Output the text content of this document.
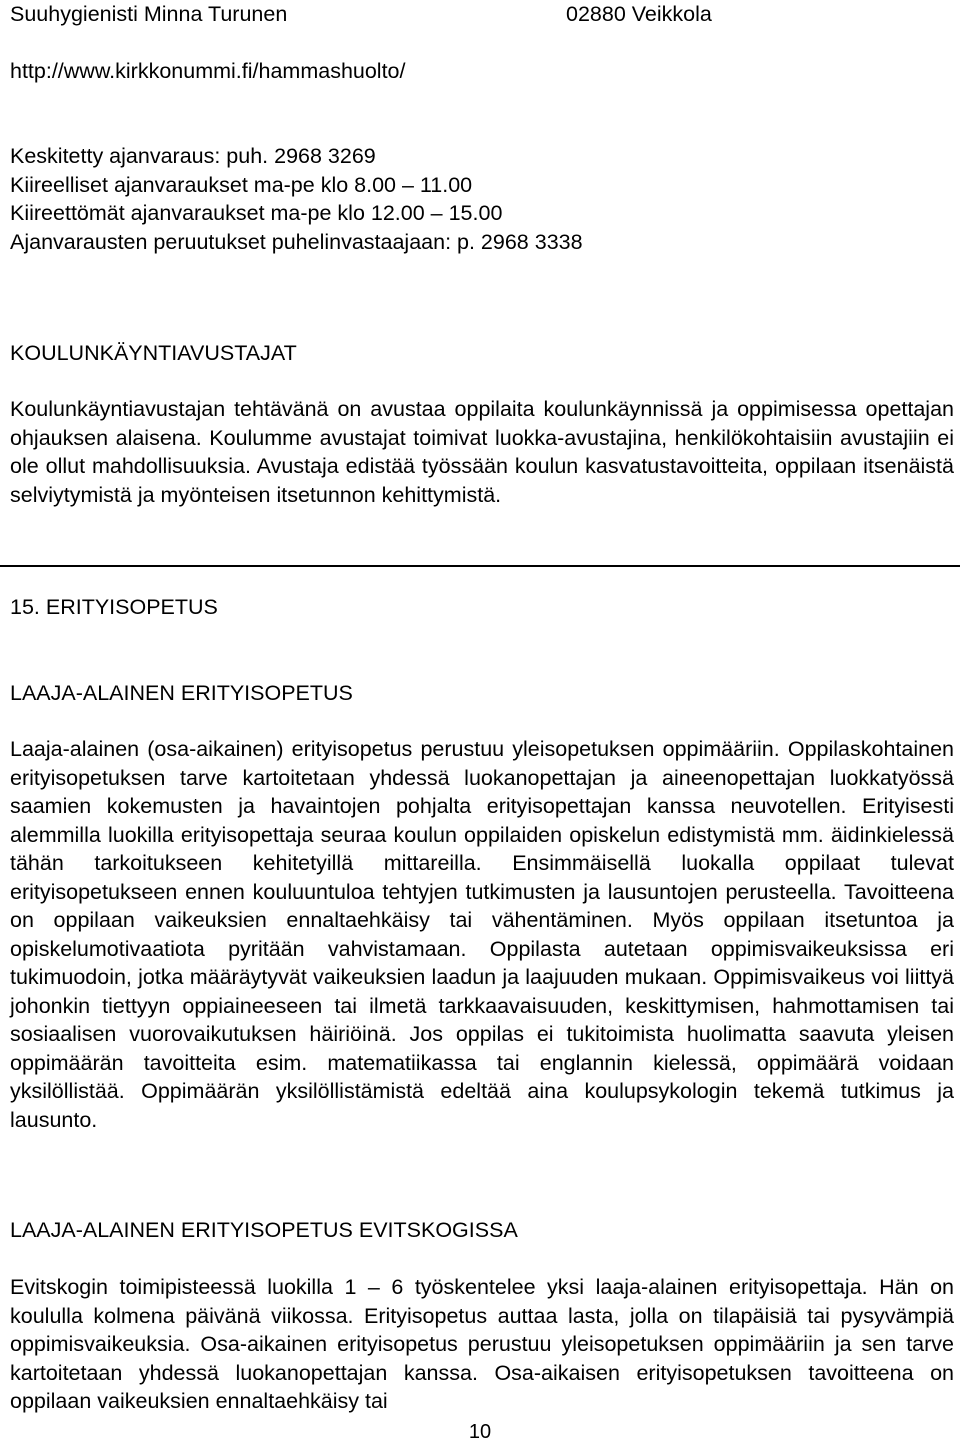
Suuhygienisti Minna Turunen	02880 Veikkola
http://www.kirkkonummi.fi/hammashuolto/
Keskitetty ajanvaraus: puh. 2968 3269
Kiireelliset ajanvaraukset ma-pe klo 8.00 – 11.00
Kiireettömät ajanvaraukset ma-pe klo 12.00 – 15.00
Ajanvarausten peruutukset puhelinvastaajaan: p. 2968 3338
KOULUNKÄYNTIAVUSTAJAT

Koulunkäyntiavustajan tehtävänä on avustaa oppilaita koulunkäynnissä ja oppimisessa opettajan ohjauksen alaisena. Koulumme avustajat toimivat luokka-avustajina, henkilökohtaisiin avustajiin ei ole ollut mahdollisuuksia. Avustaja edistää työssään koulun kasvatustavoitteita, oppilaan itsenäistä selviytymistä ja myönteisen itsetunnon kehittymistä.

15. ERITYISOPETUS
LAAJA-ALAINEN ERITYISOPETUS

Laaja-alainen (osa-aikainen) erityisopetus perustuu yleisopetuksen oppimääriin. Oppilaskohtainen erityisopetuksen tarve kartoitetaan yhdessä luokanopettajan ja aineenopettajan luokkatyössä saamien kokemusten ja havaintojen pohjalta erityisopettajan kanssa neuvotellen. Erityisesti alemmilla luokilla erityisopettaja seuraa koulun oppilaiden opiskelun edistymistä mm. äidinkielessä tähän tarkoitukseen kehitetyillä mittareilla. Ensimmäisellä luokalla oppilaat tulevat erityisopetukseen ennen kouluuntuloa tehtyjen tutkimusten ja lausuntojen perusteella. Tavoitteena on oppilaan vaikeuksien ennaltaehkäisy tai vähentäminen. Myös oppilaan itsetuntoa ja opiskelumotivaatiota pyritään vahvistamaan. Oppilasta autetaan oppimisvaikeuksissa eri tukimuodoin, jotka määräytyvät vaikeuksien laadun ja laajuuden mukaan. Oppimisvaikeus voi liittyä johonkin tiettyyn oppiaineeseen tai ilmetä tarkkaavaisuuden, keskittymisen, hahmottamisen tai sosiaalisen vuorovaikutuksen häiriöinä. Jos oppilas ei tukitoimista huolimatta saavuta yleisen oppimäärän tavoitteita esim. matematiikassa tai englannin kielessä, oppimäärä voidaan yksilöllistää. Oppimäärän yksilöllistämistä edeltää aina koulupsykologin tekemä tutkimus ja lausunto.

LAAJA-ALAINEN ERITYISOPETUS EVITSKOGISSA

Evitskogin toimipisteessä luokilla 1 – 6 työskentelee yksi laaja-alainen erityisopettaja. Hän on koululla kolmena päivänä viikossa. Erityisopetus auttaa lasta, jolla on tilapäisiä tai pysyvämpiä oppimisvaikeuksia. Osa-aikainen erityisopetus perustuu yleisopetuksen oppimääriin ja sen tarve kartoitetaan yhdessä luokanopettajan kanssa. Osa-aikaisen erityisopetuksen tavoitteena on oppilaan vaikeuksien ennaltaehkäisy tai

10
